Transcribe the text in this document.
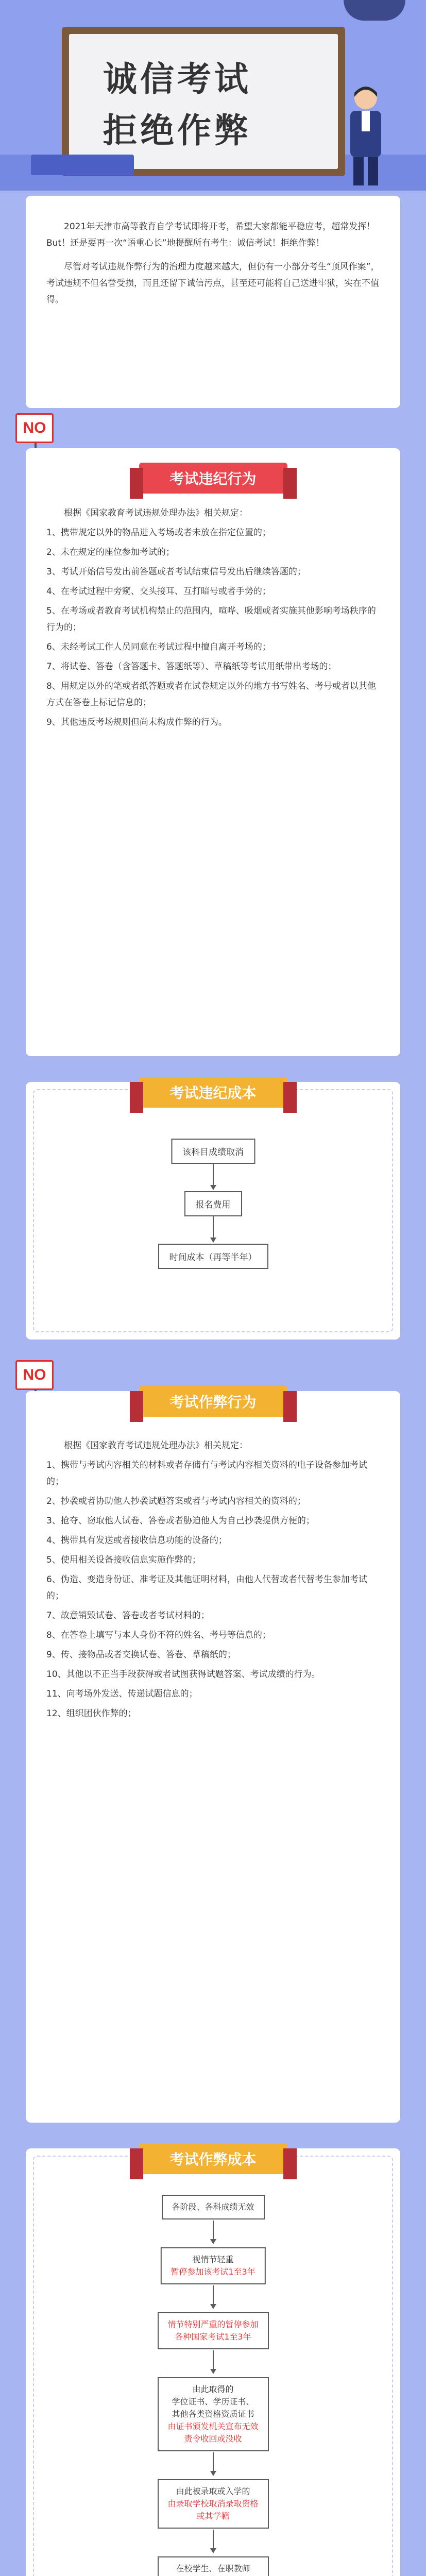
诚信考试
拒绝作弊

2021年天津市高等教育自学考试即将开考，希望大家都能平稳应考，超常发挥！But！还是要再一次“语重心长”地提醒所有考生：诚信考试！拒绝作弊！

尽管对考试违规作弊行为的治理力度越来越大，但仍有一小部分考生“顶风作案”，考试违规不但名誉受损，而且还留下诚信污点，甚至还可能将自己送进牢狱，实在不值得。

NO
考试违纪行为

根据《国家教育考试违规处理办法》相关规定：

1、携带规定以外的物品进入考场或者未放在指定位置的；

2、未在规定的座位参加考试的；

3、考试开始信号发出前答题或者考试结束信号发出后继续答题的；

4、在考试过程中旁窥、交头接耳、互打暗号或者手势的；

5、在考场或者教育考试机构禁止的范围内，喧哗、吸烟或者实施其他影响考场秩序的行为的；

6、未经考试工作人员同意在考试过程中擅自离开考场的；

7、将试卷、答卷（含答题卡、答题纸等）、草稿纸等考试用纸带出考场的；

8、用规定以外的笔或者纸答题或者在试卷规定以外的地方书写姓名、考号或者以其他方式在答卷上标记信息的；

9、其他违反考场规则但尚未构成作弊的行为。

考试违纪成本
该科目成绩取消
报名费用
时间成本（再等半年）
NO
考试作弊行为

根据《国家教育考试违规处理办法》相关规定：

1、携带与考试内容相关的材料或者存储有与考试内容相关资料的电子设备参加考试的；

2、抄袭或者协助他人抄袭试题答案或者与考试内容相关的资料的；

3、抢夺、窃取他人试卷、答卷或者胁迫他人为自己抄袭提供方便的；

4、携带具有发送或者接收信息功能的设备的；

5、使用相关设备接收信息实施作弊的；

6、伪造、变造身份证、准考证及其他证明材料，由他人代替或者代替考生参加考试的；

7、故意销毁试卷、答卷或者考试材料的；

8、在答卷上填写与本人身份不符的姓名、考号等信息的；

9、传、接物品或者交换试卷、答卷、草稿纸的；

10、其他以不正当手段获得或者试图获得试题答案、考试成绩的行为。

11、向考场外发送、传递试题信息的；

12、组织团伙作弊的；

考试作弊成本
各阶段、各科成绩无效
视情节轻重
暂停参加该考试1至3年
情节特别严重的暂停参加
各种国家考试1至3年
由此取得的
学位证书、学历证书、
其他各类资格资质证书
由证书颁发机关宣布无效
责令收回或没收
由此被录取或入学的
由录取学校取消录取资格
或其学籍
在校学生、在职教师
